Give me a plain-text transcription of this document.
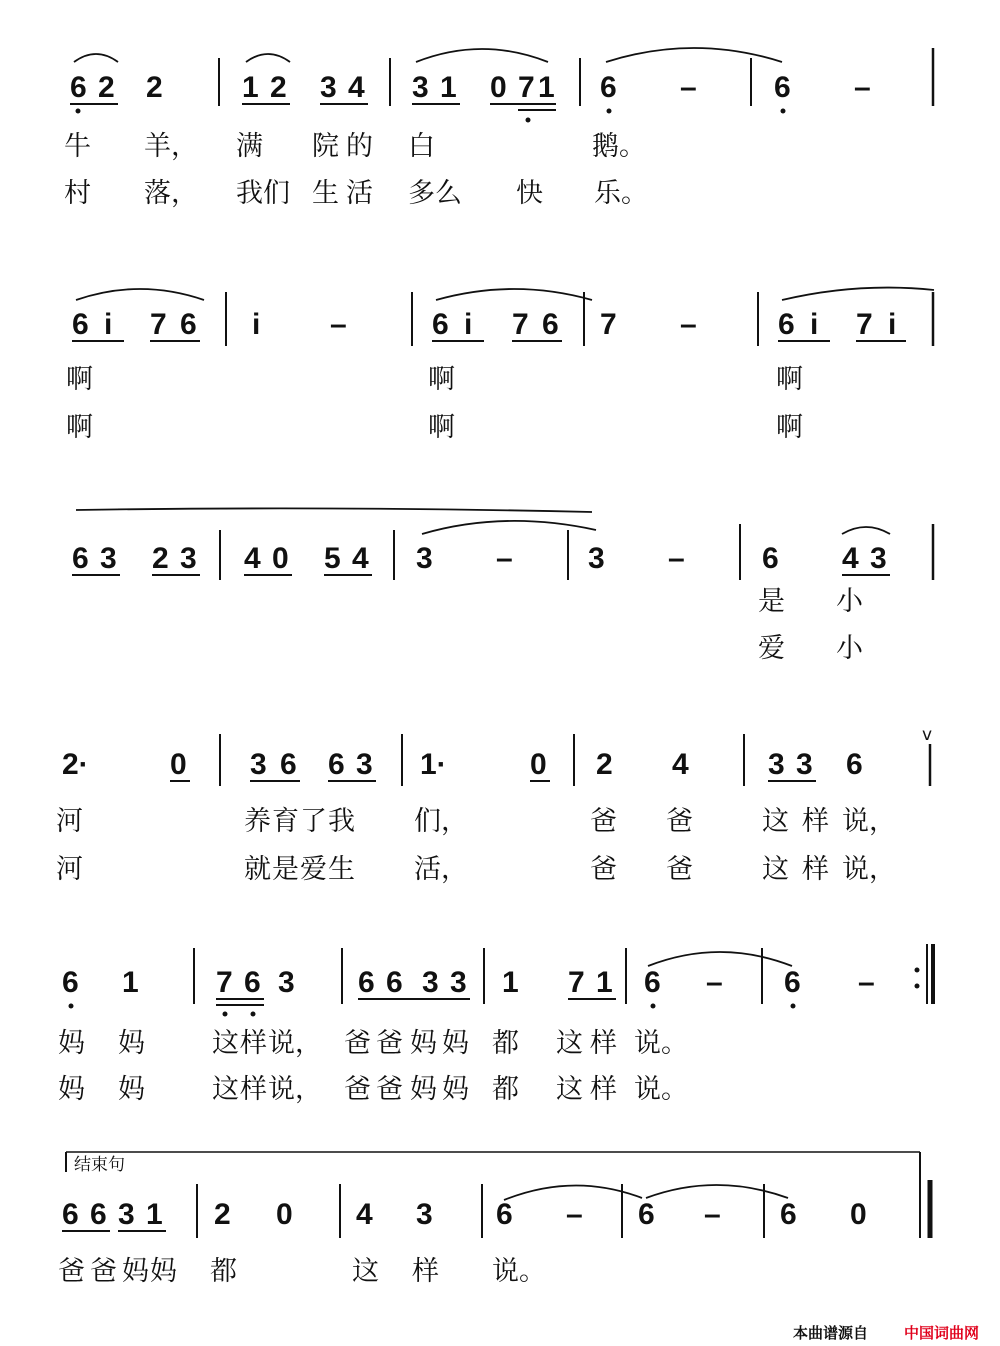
6 2 2	1 2 3 4 3 1 0 7 1 6 –	6 –
牛 羊， 满 院 的 白	鹅。
村 落， 我们 生 活 多么 快 乐。
6 i 7 6 i –	6 i 7 6 7 –	6 i 7 i
啊	啊	啊
啊	啊	啊
6 3 2 3 4 0 5 4 3 –	3 –	6 4 3
是 小
爱 小
v
2·	0 3 6 6 3 1·	0 2 4	3 3 6
河	养 育 了 我 们，	爸 爸	这 样 说，
河	就 是 爱 生 活，	爸 爸	这 样 说，
6 1	7 6 3 6 6 3 3 1 7 1 6 – 6 –
妈 妈 这 样 说， 爸 爸 妈 妈 都 这 样 说。
妈 妈 这 样 说， 爸 爸 妈 妈 都 这 样 说。
结束句
6 6 3 1 2 0 4 3 6 – 6 – 6 0
爸 爸 妈 妈 都	这 样 说。
本曲谱源自 中国词曲网
